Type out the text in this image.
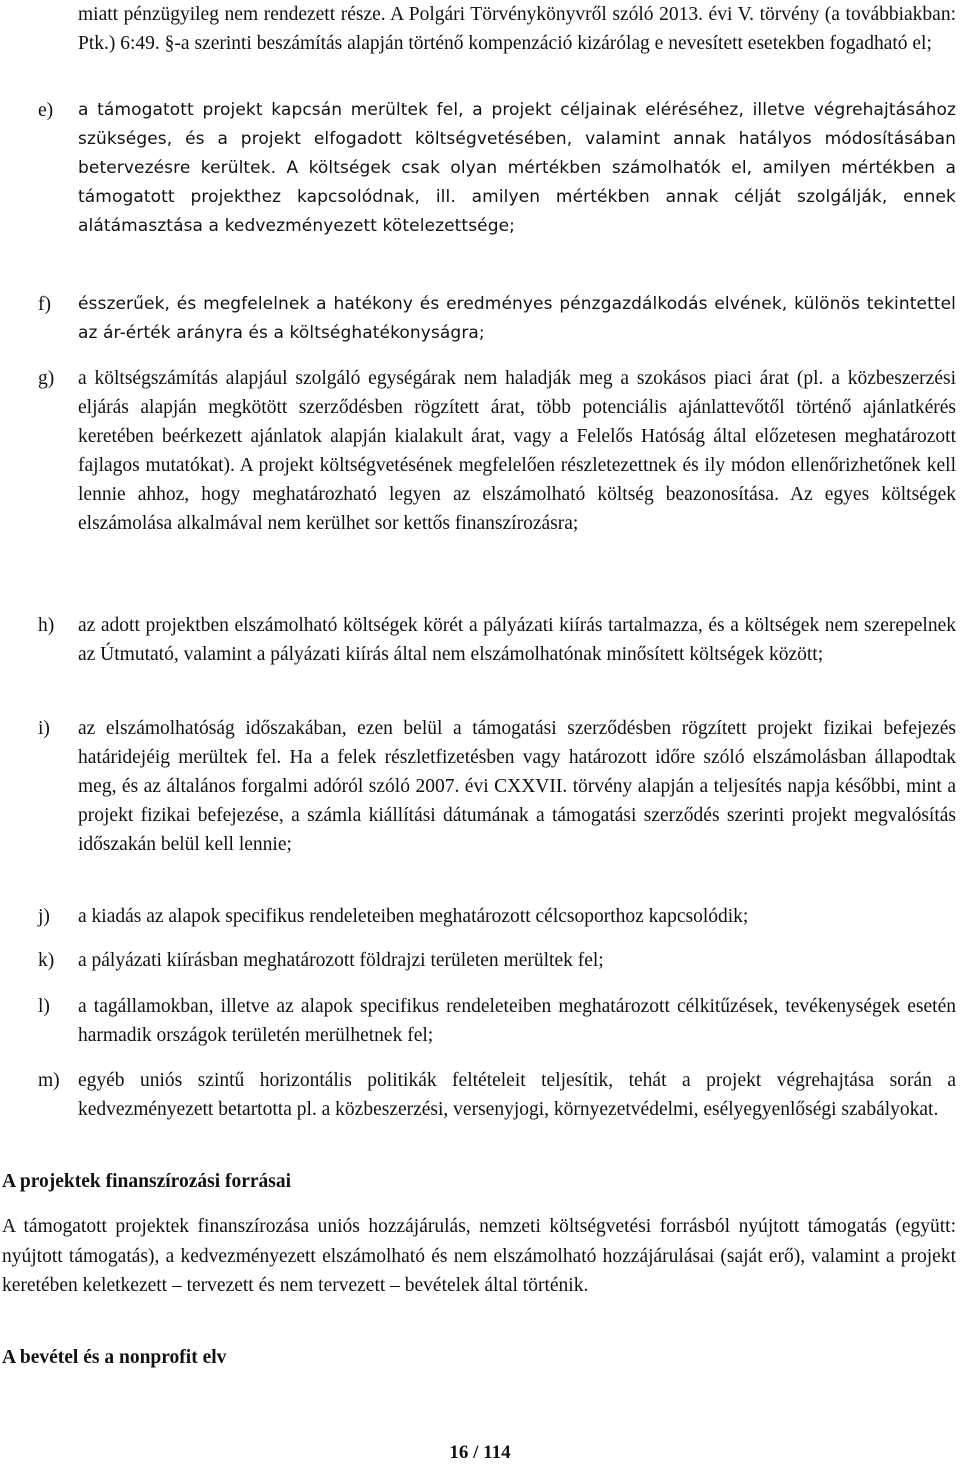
miatt pénzügyileg nem rendezett része. A Polgári Törvénykönyvről szóló 2013. évi V. törvény (a továbbiakban: Ptk.) 6:49. §-a szerinti beszámítás alapján történő kompenzáció kizárólag e nevesített esetekben fogadható el;
e) a támogatott projekt kapcsán merültek fel, a projekt céljainak eléréséhez, illetve végrehajtásához szükséges, és a projekt elfogadott költségvetésében, valamint annak hatályos módosításában betervezésre kerültek. A költségek csak olyan mértékben számolhatók el, amilyen mértékben a támogatott projekthez kapcsolódnak, ill. amilyen mértékben annak célját szolgálják, ennek alátámasztása a kedvezményezett kötelezettsége;
f) ésszerűek, és megfelelnek a hatékony és eredményes pénzgazdálkodás elvének, különös tekintettel az ár-érték arányra és a költséghatékonyságra;
g) a költségszámítás alapjául szolgáló egységárak nem haladják meg a szokásos piaci árat (pl. a közbeszerzési eljárás alapján megkötött szerződésben rögzített árat, több potenciális ajánlattevőtől történő ajánlatkérés keretében beérkezett ajánlatok alapján kialakult árat, vagy a Felelős Hatóság által előzetesen meghatározott fajlagos mutatókat). A projekt költségvetésének megfelelően részletezettnek és ily módon ellenőrizhetőnek kell lennie ahhoz, hogy meghatározható legyen az elszámolható költség beazonosítása. Az egyes költségek elszámolása alkalmával nem kerülhet sor kettős finanszírozásra;
h) az adott projektben elszámolható költségek körét a pályázati kiírás tartalmazza, és a költségek nem szerepelnek az Útmutató, valamint a pályázati kiírás által nem elszámolhatónak minősített költségek között;
i) az elszámolhatóság időszakában, ezen belül a támogatási szerződésben rögzített projekt fizikai befejezés határidejéig merültek fel. Ha a felek részletfizetésben vagy határozott időre szóló elszámolásban állapodtak meg, és az általános forgalmi adóról szóló 2007. évi CXXVII. törvény alapján a teljesítés napja későbbi, mint a projekt fizikai befejezése, a számla kiállítási dátumának a támogatási szerződés szerinti projekt megvalósítás időszakán belül kell lennie;
j) a kiadás az alapok specifikus rendeleteiben meghatározott célcsoporthoz kapcsolódik;
k) a pályázati kiírásban meghatározott földrajzi területen merültek fel;
l) a tagállamokban, illetve az alapok specifikus rendeleteiben meghatározott célkitűzések, tevékenységek esetén harmadik országok területén merülhetnek fel;
m) egyéb uniós szintű horizontális politikák feltételeit teljesítik, tehát a projekt végrehajtása során a kedvezményezett betartotta pl. a közbeszerzési, versenyjogi, környezetvédelmi, esélyegyenlőségi szabályokat.
A projektek finanszírozási forrásai
A támogatott projektek finanszírozása uniós hozzájárulás, nemzeti költségvetési forrásból nyújtott támogatás (együtt: nyújtott támogatás), a kedvezményezett elszámolható és nem elszámolható hozzájárulásai (saját erő), valamint a projekt keretében keletkezett – tervezett és nem tervezett – bevételek által történik.
A bevétel és a nonprofit elv
16 / 114
